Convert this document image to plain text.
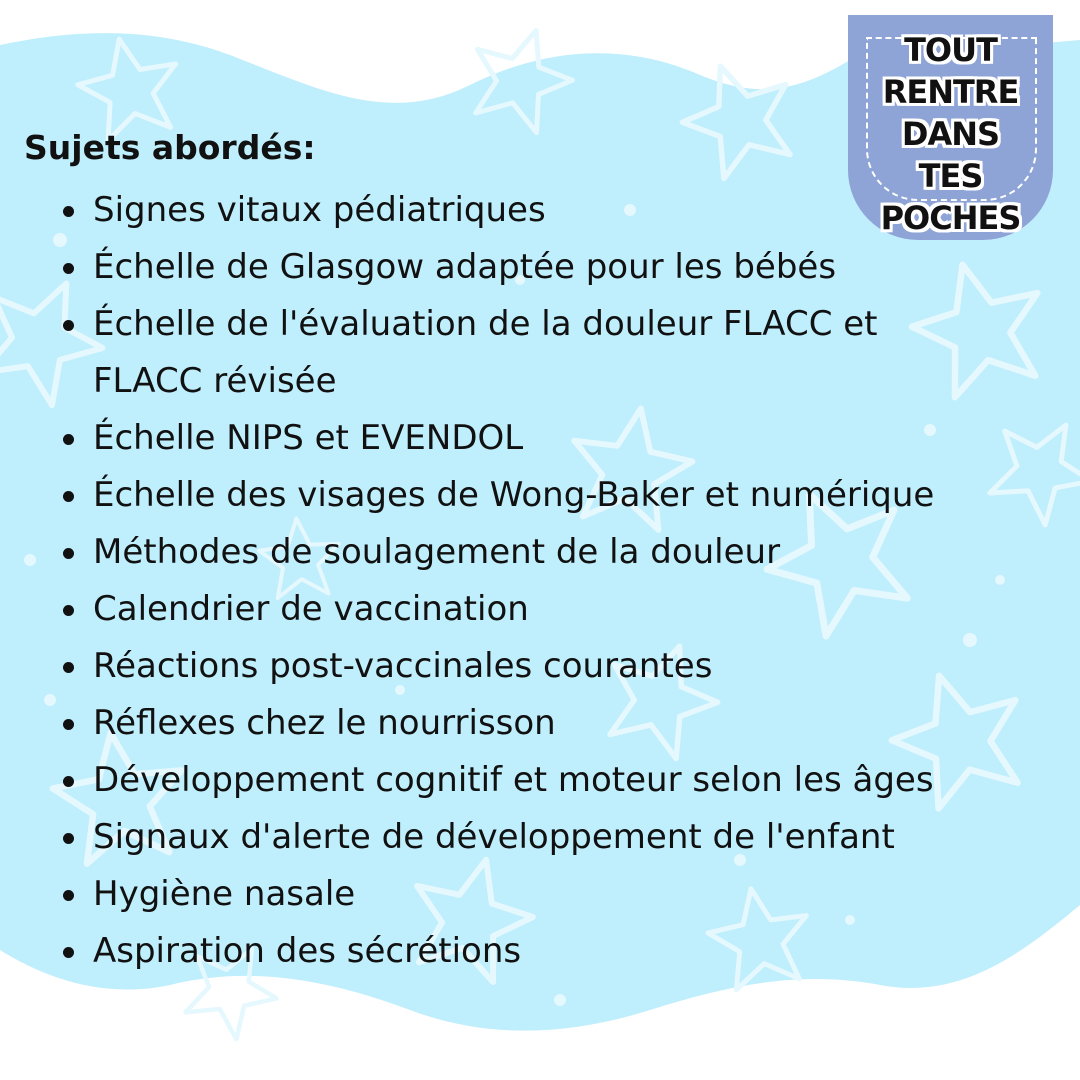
TOUT
RENTRE
DANS
TES
POCHES

Sujets abordés:
Signes vitaux pédiatriques
Échelle de Glasgow adaptée pour les bébés
Échelle de l'évaluation de la douleur FLACC et FLACC révisée
Échelle NIPS et EVENDOL
Échelle des visages de Wong-Baker et numérique
Méthodes de soulagement de la douleur
Calendrier de vaccination
Réactions post-vaccinales courantes
Réflexes chez le nourrisson
Développement cognitif et moteur selon les âges
Signaux d'alerte de développement de l'enfant
Hygiène nasale
Aspiration des sécrétions
